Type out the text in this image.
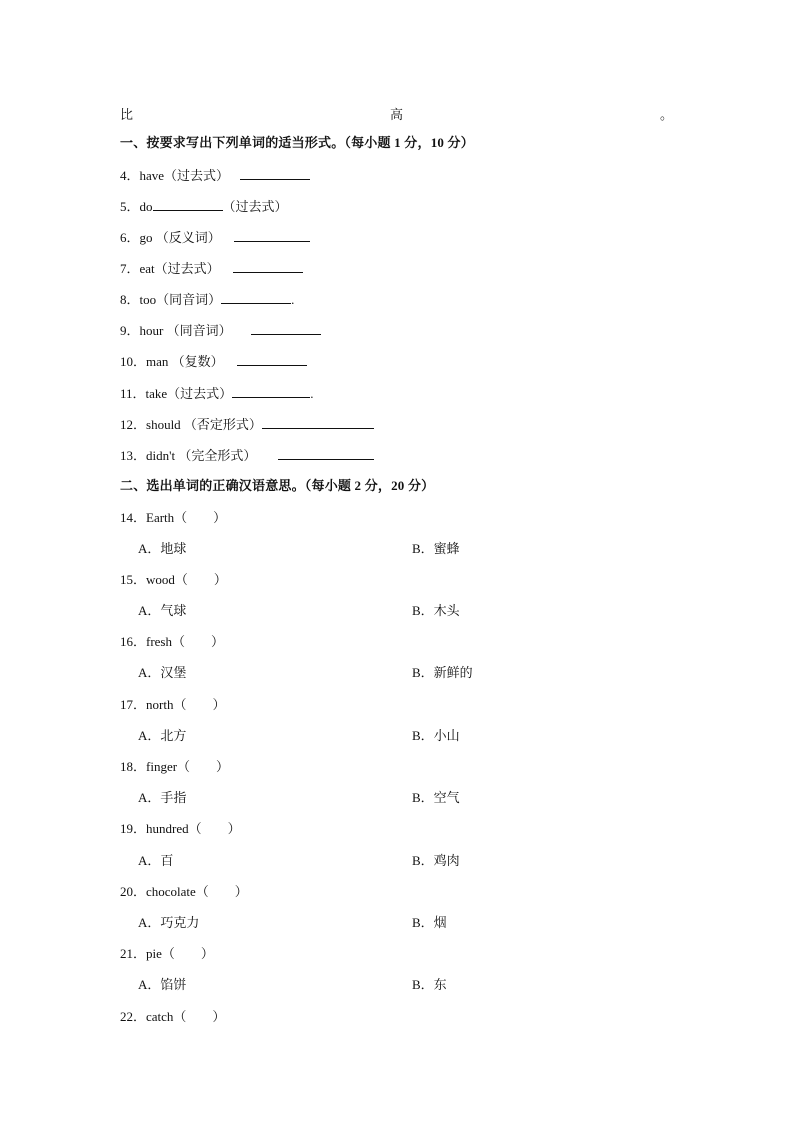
比	高	。
一、按要求写出下列单词的适当形式。（每小题 1 分，10 分）
4．have（过去式）
5．do	（过去式）
6．go （反义词）
7．eat（过去式）
8．too（同音词）	.
9．hour （同音词）
10．man （复数）
11．take（过去式）	.
12．should （否定形式）
13．didn't （完全形式）
二、选出单词的正确汉语意思。（每小题 2 分，20 分）
14．Earth（　　）
A．地球	B．蜜蜂
15．wood（　　）
A．气球	B．木头
16．fresh（　　）
A．汉堡	B．新鲜的
17．north（　　）
A．北方	B．小山
18．finger（　　）
A．手指	B．空气
19．hundred（　　）
A．百	B．鸡肉
20．chocolate（　　）
A．巧克力	B．烟
21．pie（　　）
A．馅饼	B．东
22．catch（　　）
